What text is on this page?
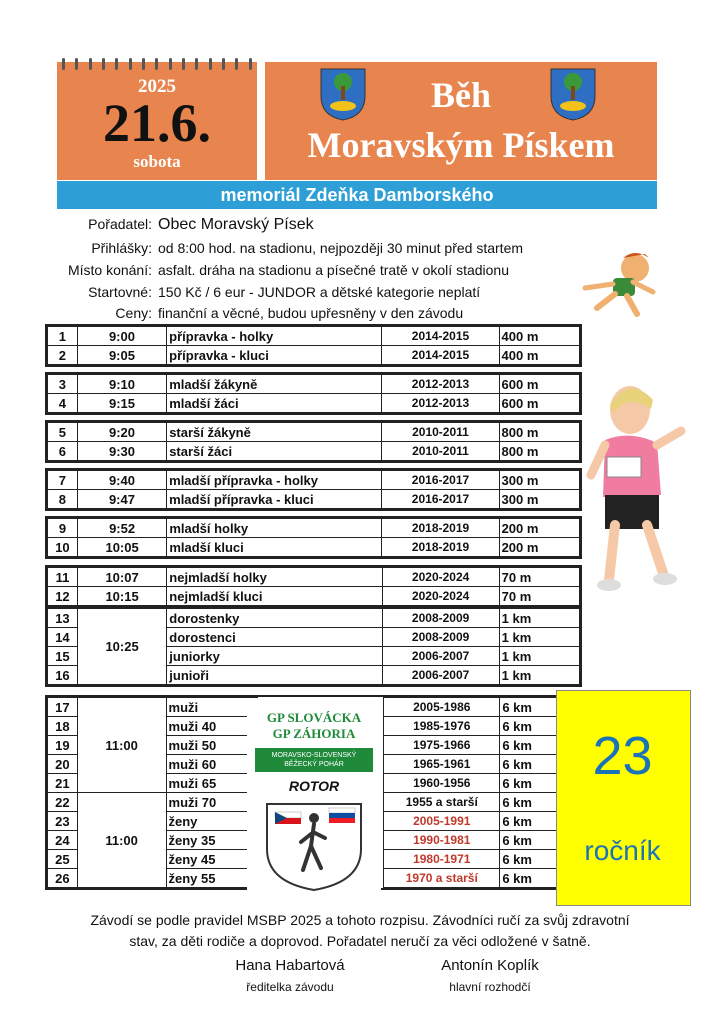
2025
21.6.
sobota
Běh
Moravským Pískem
memoriál Zdeňka Damborského
Pořadatel: Obec Moravský Písek
Přihlášky: od 8:00 hod. na stadionu, nejpozději 30 minut před startem
Místo konání: asfalt. dráha na stadionu a písečné tratě v okolí stadionu
Startovné: 150 Kč / 6 eur - JUNDOR a dětské kategorie neplatí
Ceny: finanční a věcné, budou upřesněny v den závodu
1	9:00	přípravka - holky	2014-2015	400 m
2	9:05	přípravka - kluci	2014-2015	400 m
3	9:10	mladší žákyně	2012-2013	600 m
4	9:15	mladší žáci	2012-2013	600 m
5	9:20	starší žákyně	2010-2011	800 m
6	9:30	starší žáci	2010-2011	800 m
7	9:40	mladší přípravka - holky	2016-2017	300 m
8	9:47	mladší přípravka - kluci	2016-2017	300 m
9	9:52	mladší holky	2018-2019	200 m
10	10:05	mladší kluci	2018-2019	200 m
11	10:07	nejmladší holky	2020-2024	70 m
12	10:15	nejmladší kluci	2020-2024	70 m
13	10:25	dorostenky	2008-2009	1 km
14		dorostenci	2008-2009	1 km
15		juniorky	2006-2007	1 km
16		junioři	2006-2007	1 km
17	11:00	muži		2005-1986	6 km
18		muži 40		1985-1976	6 km
19		muži 50		1975-1966	6 km
20		muži 60		1965-1961	6 km
21		muži 65		1960-1956	6 km
22	11:00	muži 70		1955 a starší	6 km
23		ženy		2005-1991	6 km
24		ženy 35		1990-1981	6 km
25		ženy 45		1980-1971	6 km
26		ženy 55		1970 a starší	6 km
GP SLOVÁCKA
GP ZÁHORIA
MORAVSKO-SLOVENSKÝ BĚŽECKÝ POHÁR
ROTOR	23
ročník
Závodí se podle pravidel MSBP 2025 a tohoto rozpisu. Závodníci ručí za svůj zdravotní
stav, za děti rodiče a doprovod. Pořadatel neručí za věci odložené v šatně.
Hana Habartová
ředitelka závodu
Antonín Koplík
hlavní rozhodčí
